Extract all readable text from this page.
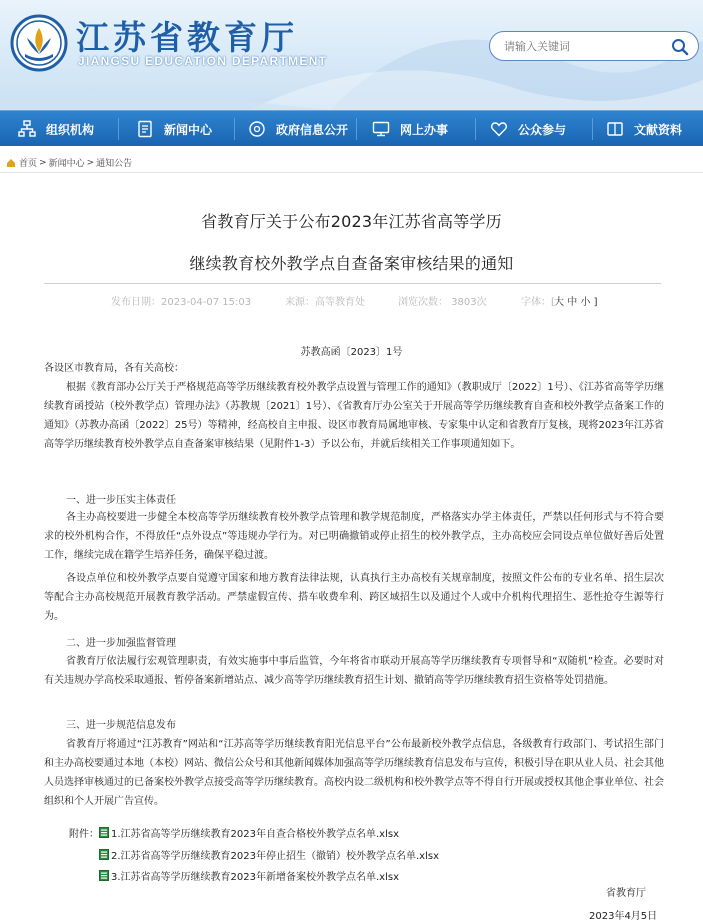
江苏省教育厅
JIANGSU EDUCATION DEPARTMENT
请输入关键词
组织机构	新闻中心	政府信息公开	网上办事	公众参与	文献资料
首页 > 新闻中心 > 通知公告
省教育厅关于公布2023年江苏省高等学历
继续教育校外教学点自查备案审核结果的通知
发布日期：2023-04-07 15:03	来源：高等教育处	浏览次数： 3803次	字体：[ 大 中 小 ]
苏教高函〔2023〕1号
各设区市教育局，各有关高校：
根据《教育部办公厅关于严格规范高等学历继续教育校外教学点设置与管理工作的通知》（教职成厅〔2022〕1号）、《江苏省高等学历继续教育函授站（校外教学点）管理办法》（苏教规〔2021〕1号）、《省教育厅办公室关于开展高等学历继续教育自查和校外教学点备案工作的通知》（苏教办高函〔2022〕25号）等精神，经高校自主申报、设区市教育局属地审核、专家集中认定和省教育厅复核，现将2023年江苏省高等学历继续教育校外教学点自查备案审核结果（见附件1-3）予以公布，并就后续相关工作事项通知如下。
一、进一步压实主体责任
各主办高校要进一步健全本校高等学历继续教育校外教学点管理和教学规范制度，严格落实办学主体责任，严禁以任何形式与不符合要求的校外机构合作，不得放任“点外设点”等违规办学行为。对已明确撤销或停止招生的校外教学点，主办高校应会同设点单位做好善后处置工作，继续完成在籍学生培养任务，确保平稳过渡。
各设点单位和校外教学点要自觉遵守国家和地方教育法律法规，认真执行主办高校有关规章制度，按照文件公布的专业名单、招生层次等配合主办高校规范开展教育教学活动。严禁虚假宣传、搭车收费牟利、跨区域招生以及通过个人或中介机构代理招生、恶性抢夺生源等行为。
二、进一步加强监督管理
省教育厅依法履行宏观管理职责，有效实施事中事后监管，今年将省市联动开展高等学历继续教育专项督导和“双随机”检查。必要时对有关违规办学高校采取通报、暂停备案新增站点、减少高等学历继续教育招生计划、撤销高等学历继续教育招生资格等处罚措施。
三、进一步规范信息发布
省教育厅将通过“江苏教育”网站和“江苏高等学历继续教育阳光信息平台”公布最新校外教学点信息，各级教育行政部门、考试招生部门和主办高校要通过本地（本校）网站、微信公众号和其他新闻媒体加强高等学历继续教育信息发布与宣传，积极引导在职从业人员、社会其他人员选择审核通过的已备案校外教学点接受高等学历继续教育。高校内设二级机构和校外教学点等不得自行开展或授权其他企事业单位、社会组织和个人开展广告宣传。
附件： 1.江苏省高等学历继续教育2023年自查合格校外教学点名单.xlsx
2.江苏省高等学历继续教育2023年停止招生（撤销）校外教学点名单.xlsx
3.江苏省高等学历继续教育2023年新增备案校外教学点名单.xlsx
省教育厅
2023年4月5日
